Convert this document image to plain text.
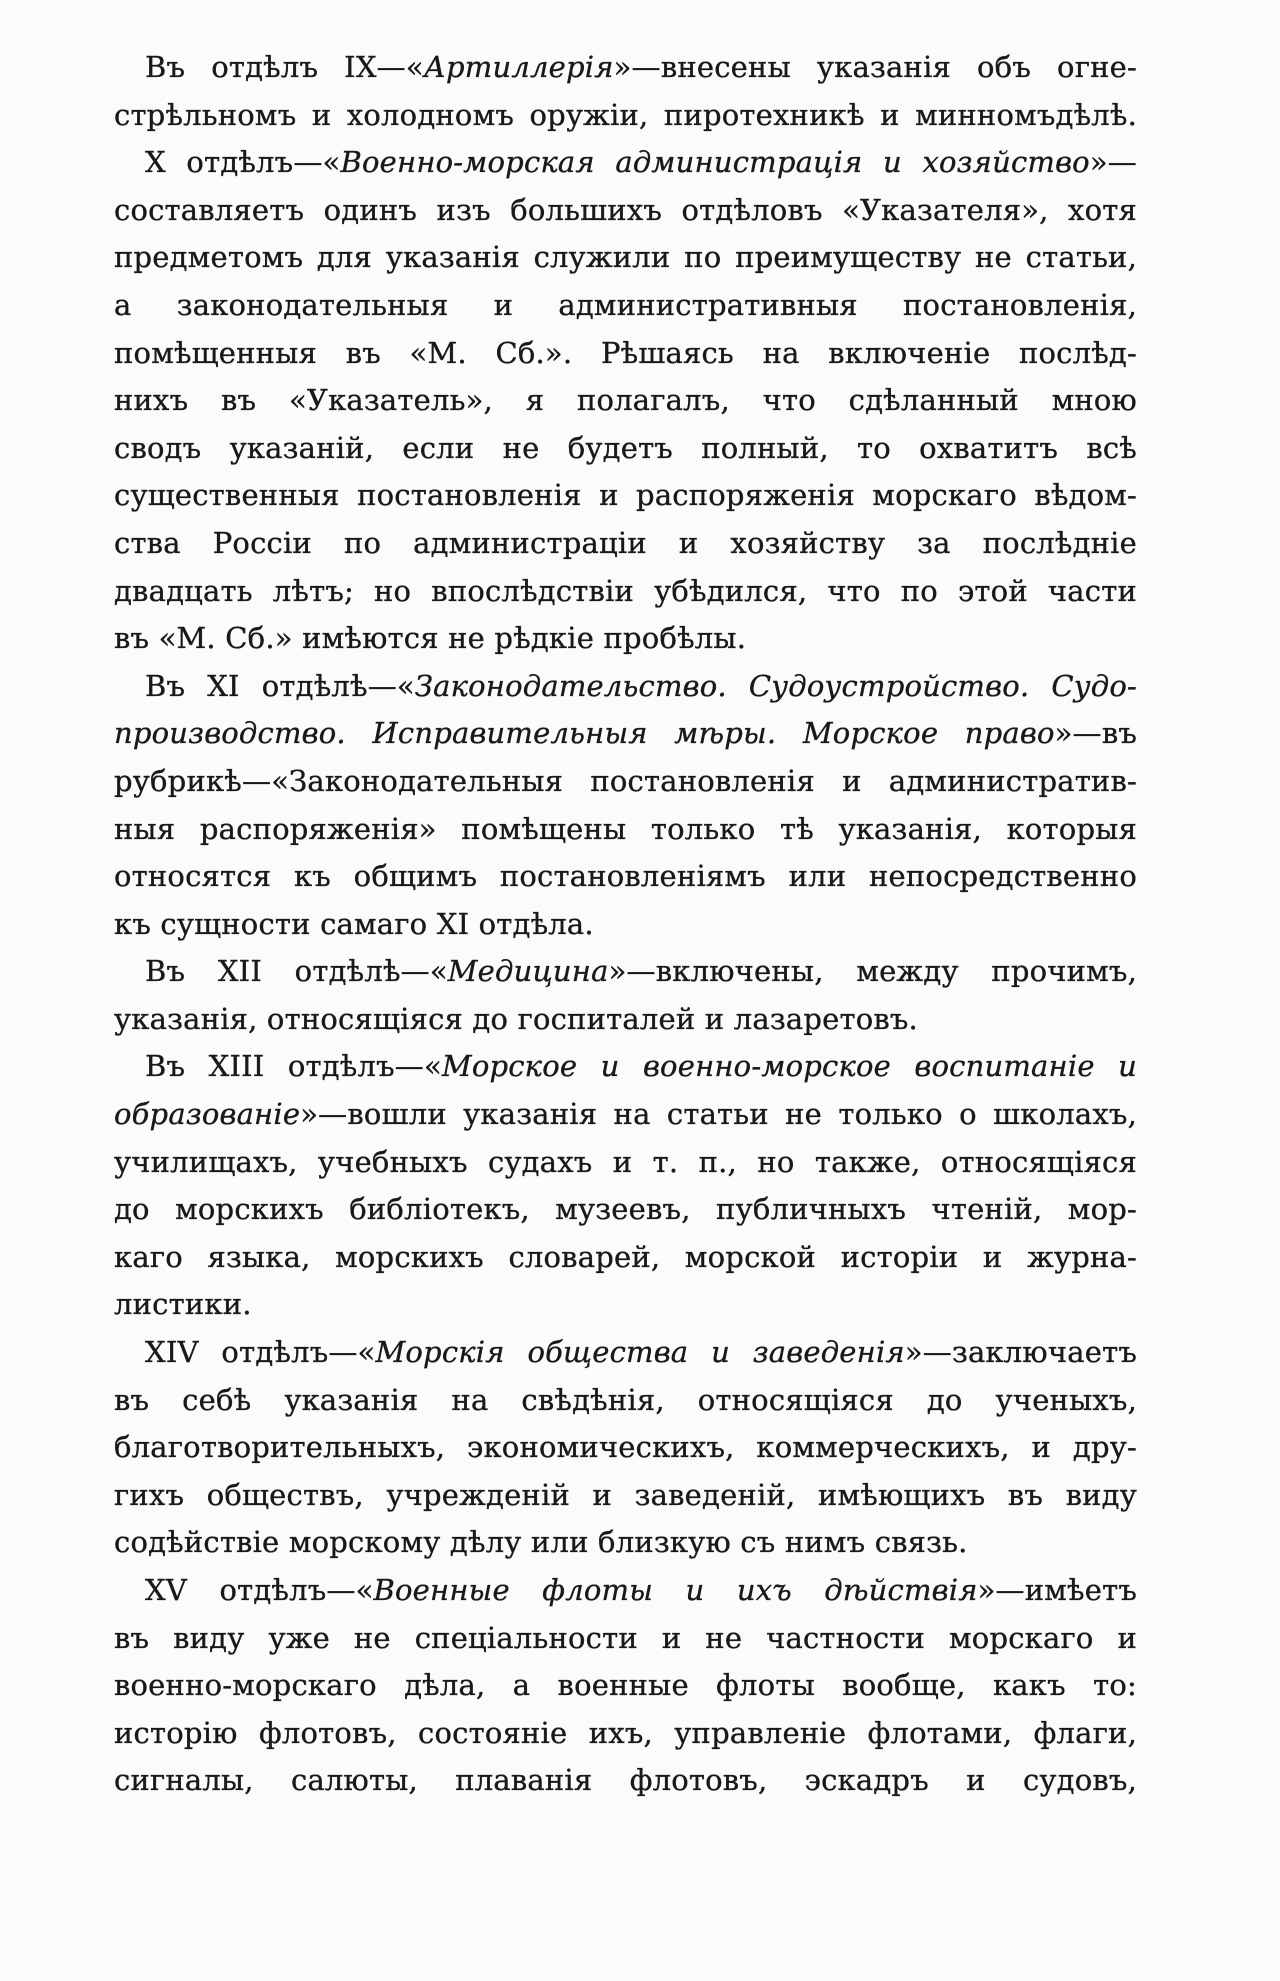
Въ отдѣлъ IX—«Артиллерія»—внесены указанія объ огне-
стрѣльномъ и холодномъ оружіи, пиротехникѣ и минномъдѣлѣ.
X отдѣлъ—«Военно-морская администрація и хозяйство»—
составляетъ одинъ изъ большихъ отдѣловъ «Указателя», хотя
предметомъ для указанія служили по преимуществу не статьи,
а законодательныя и административныя постановленія,
помѣщенныя въ «М. Сб.». Рѣшаясь на включеніе послѣд-
нихъ въ «Указатель», я полагалъ, что сдѣланный мною
сводъ указаній, если не будетъ полный, то охватитъ всѣ
существенныя постановленія и распоряженія морскаго вѣдом-
ства Россіи по администраціи и хозяйству за послѣдніе
двадцать лѣтъ; но впослѣдствіи убѣдился, что по этой части
въ «М. Сб.» имѣются не рѣдкіе пробѣлы.
Въ XI отдѣлѣ—«Законодательство. Судоустройство. Судо-
производство. Исправительныя мѣры. Морское право»—въ
рубрикѣ—«Законодательныя постановленія и административ-
ныя распоряженія» помѣщены только тѣ указанія, которыя
относятся къ общимъ постановленіямъ или непосредственно
къ сущности самаго XI отдѣла.
Въ XII отдѣлѣ—«Медицина»—включены, между прочимъ,
указанія, относящіяся до госпиталей и лазаретовъ.
Въ XIII отдѣлъ—«Морское и военно-морское воспитаніе и
образованіе»—вошли указанія на статьи не только о школахъ,
училищахъ, учебныхъ судахъ и т. п., но также, относящіяся
до морскихъ библіотекъ, музеевъ, публичныхъ чтеній, мор-
каго языка, морскихъ словарей, морской исторіи и журна-
листики.
XIV отдѣлъ—«Морскія общества и заведенія»—заключаетъ
въ себѣ указанія на свѣдѣнія, относящіяся до ученыхъ,
благотворительныхъ, экономическихъ, коммерческихъ, и дру-
гихъ обществъ, учрежденій и заведеній, имѣющихъ въ виду
содѣйствіе морскому дѣлу или близкую съ нимъ связь.
XV отдѣлъ—«Военные флоты и ихъ дѣйствія»—имѣетъ
въ виду уже не спеціальности и не частности морскаго и
военно-морскаго дѣла, а военные флоты вообще, какъ то:
исторію флотовъ, состояніе ихъ, управленіе флотами, флаги,
сигналы, салюты, плаванія флотовъ, эскадръ и судовъ,
